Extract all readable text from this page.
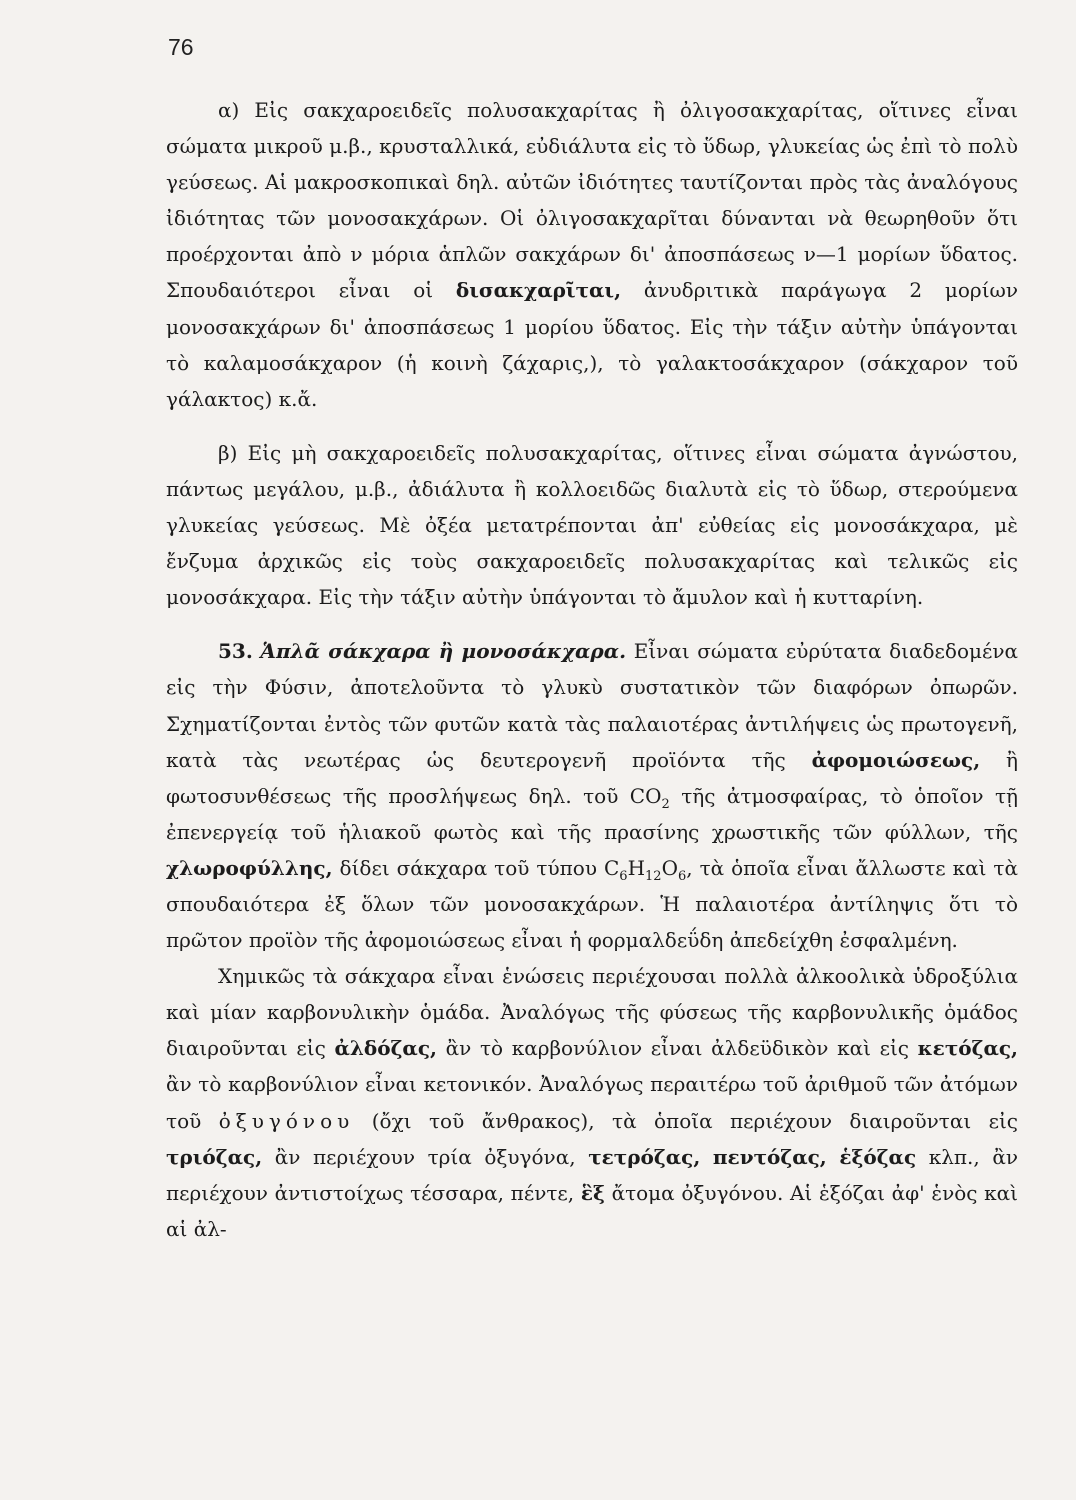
76

α) Εἰς σακχαροειδεῖς πολυσακχαρίτας ἢ ὀλιγοσακχαρίτας, οἵτινες εἶναι σώματα μικροῦ μ.β., κρυσταλλικά, εὐδιάλυτα εἰς τὸ ὕδωρ, γλυκείας ὡς ἐπὶ τὸ πολὺ γεύσεως. Αἱ μακροσκοπικαὶ δηλ. αὐτῶν ἰδιότητες ταυτίζονται πρὸς τὰς ἀναλόγους ἰδιότητας τῶν μονοσακχάρων. Οἱ ὀλιγοσακχαρῖται δύνανται νὰ θεωρηθοῦν ὅτι προέρχονται ἀπὸ ν μόρια ἁπλῶν σακχάρων δι' ἀποσπάσεως ν—1 μορίων ὕδατος. Σπουδαιότεροι εἶναι οἱ δισακχαρῖται, ἀνυδριτικὰ παράγωγα 2 μορίων μονοσακχάρων δι' ἀποσπάσεως 1 μορίου ὕδατος. Εἰς τὴν τάξιν αὐτὴν ὑπάγονται τὸ καλαμοσάκχαρον (ἡ κοινὴ ζάχαρις,), τὸ γαλακτοσάκχαρον (σάκχαρον τοῦ γάλακτος) κ.ἄ.

β) Εἰς μὴ σακχαροειδεῖς πολυσακχαρίτας, οἵτινες εἶναι σώματα ἀγνώστου, πάντως μεγάλου, μ.β., ἀδιάλυτα ἢ κολλοειδῶς διαλυτὰ εἰς τὸ ὕδωρ, στερούμενα γλυκείας γεύσεως. Μὲ ὀξέα μετατρέπονται ἀπ' εὐθείας εἰς μονοσάκχαρα, μὲ ἔνζυμα ἀρχικῶς εἰς τοὺς σακχαροειδεῖς πολυσακχαρίτας καὶ τελικῶς εἰς μονοσάκχαρα. Εἰς τὴν τάξιν αὐτὴν ὑπάγονται τὸ ἄμυλον καὶ ἡ κυτταρίνη.

53. Ἁπλᾶ σάκχαρα ἢ μονοσάκχαρα. Εἶναι σώματα εὐρύτατα διαδεδομένα εἰς τὴν Φύσιν, ἀποτελοῦντα τὸ γλυκὺ συστατικὸν τῶν διαφόρων ὀπωρῶν. Σχηματίζονται ἐντὸς τῶν φυτῶν κατὰ τὰς παλαιοτέρας ἀντιλήψεις ὡς πρωτογενῆ, κατὰ τὰς νεωτέρας ὡς δευτερογενῆ προϊόντα τῆς ἀφομοιώσεως, ἢ φωτοσυνθέσεως τῆς προσλήψεως δηλ. τοῦ $CO_2$ τῆς ἀτμοσφαίρας, τὸ ὁποῖον τῇ ἐπενεργείᾳ τοῦ ἡλιακοῦ φωτὸς καὶ τῆς πρασίνης χρωστικῆς τῶν φύλλων, τῆς χλωροφύλλης, δίδει σάκχαρα τοῦ τύπου $C_6H_{12}O_6$, τὰ ὁποῖα εἶναι ἄλλωστε καὶ τὰ σπουδαιότερα ἐξ ὅλων τῶν μονοσακχάρων. Ἡ παλαιοτέρα ἀντίληψις ὅτι τὸ πρῶτον προϊὸν τῆς ἀφομοιώσεως εἶναι ἡ φορμαλδεΰδη ἀπεδείχθη ἐσφαλμένη.

Χημικῶς τὰ σάκχαρα εἶναι ἑνώσεις περιέχουσαι πολλὰ ἀλκοολικὰ ὑδροξύλια καὶ μίαν καρβονυλικὴν ὁμάδα. Ἀναλόγως τῆς φύσεως τῆς καρβονυλικῆς ὁμάδος διαιροῦνται εἰς ἀλδόζας, ἂν τὸ καρβονύλιον εἶναι ἀλδεϋδικὸν καὶ εἰς κετόζας, ἂν τὸ καρβονύλιον εἶναι κετονικόν. Ἀναλόγως περαιτέρω τοῦ ἀριθμοῦ τῶν ἀτόμων τοῦ ὀξυγόνου (ὄχι τοῦ ἄνθρακος), τὰ ὁποῖα περιέχουν διαιροῦνται εἰς τριόζας, ἂν περιέχουν τρία ὀξυγόνα, τετρόζας, πεντόζας, ἑξόζας κλπ., ἂν περιέχουν ἀντιστοίχως τέσσαρα, πέντε, ἓξ ἄτομα ὀξυγόνου. Αἱ ἑξόζαι ἀφ' ἑνὸς καὶ αἱ ἀλ-
